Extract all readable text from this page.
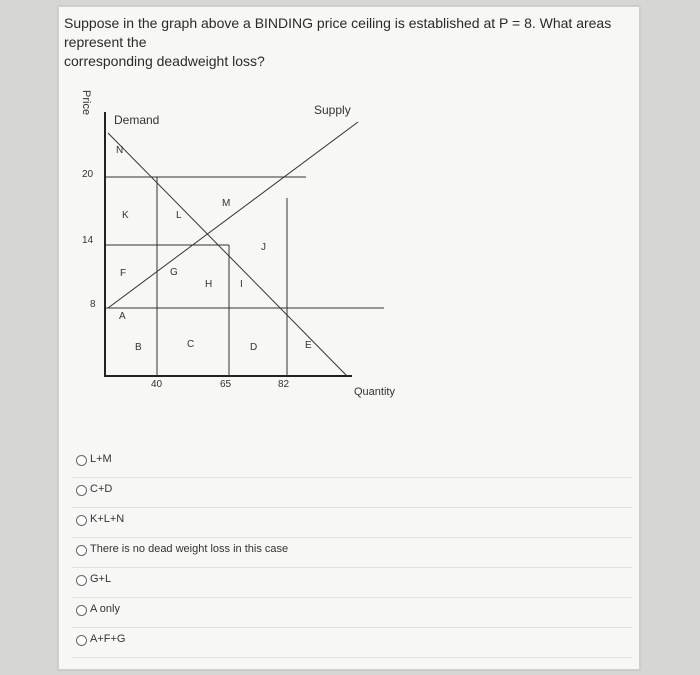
Suppose in the graph above a BINDING price ceiling is established at P = 8. What areas represent the
corresponding deadweight loss?
Price
Quantity
Demand
Supply
20
14
8
40	65	82
N
K	L
M
J
F	G
H	I
A
B	C	D	E
L+M
C+D
K+L+N
There is no dead weight loss in this case
G+L
A only
A+F+G
